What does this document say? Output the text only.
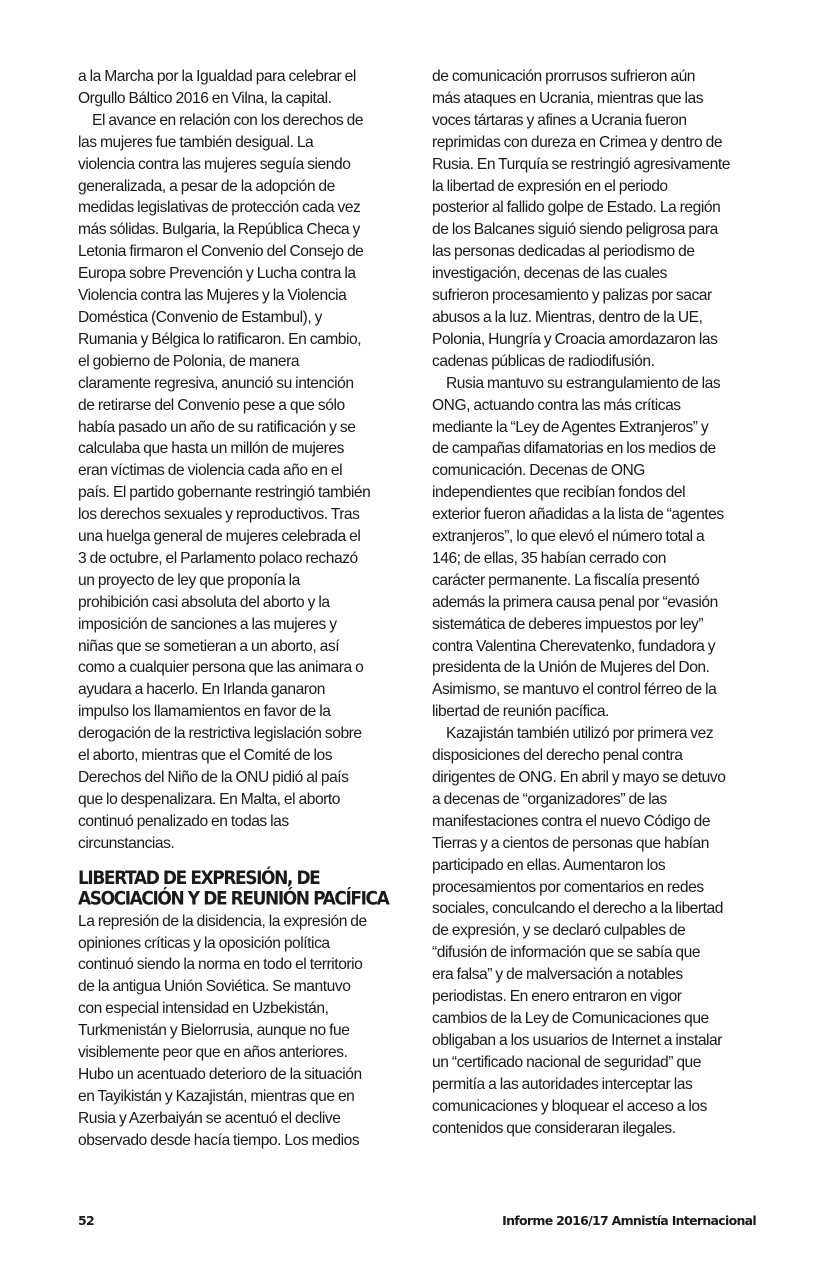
a la Marcha por la Igualdad para celebrar el
Orgullo Báltico 2016 en Vilna, la capital.

El avance en relación con los derechos de
las mujeres fue también desigual. La
violencia contra las mujeres seguía siendo
generalizada, a pesar de la adopción de
medidas legislativas de protección cada vez
más sólidas. Bulgaria, la República Checa y
Letonia firmaron el Convenio del Consejo de
Europa sobre Prevención y Lucha contra la
Violencia contra las Mujeres y la Violencia
Doméstica (Convenio de Estambul), y
Rumania y Bélgica lo ratificaron. En cambio,
el gobierno de Polonia, de manera
claramente regresiva, anunció su intención
de retirarse del Convenio pese a que sólo
había pasado un año de su ratificación y se
calculaba que hasta un millón de mujeres
eran víctimas de violencia cada año en el
país. El partido gobernante restringió también
los derechos sexuales y reproductivos. Tras
una huelga general de mujeres celebrada el
3 de octubre, el Parlamento polaco rechazó
un proyecto de ley que proponía la
prohibición casi absoluta del aborto y la
imposición de sanciones a las mujeres y
niñas que se sometieran a un aborto, así
como a cualquier persona que las animara o
ayudara a hacerlo. En Irlanda ganaron
impulso los llamamientos en favor de la
derogación de la restrictiva legislación sobre
el aborto, mientras que el Comité de los
Derechos del Niño de la ONU pidió al país
que lo despenalizara. En Malta, el aborto
continuó penalizado en todas las
circunstancias.

LIBERTAD DE EXPRESIÓN, DE
ASOCIACIÓN Y DE REUNIÓN PACÍFICA

La represión de la disidencia, la expresión de
opiniones críticas y la oposición política
continuó siendo la norma en todo el territorio
de la antigua Unión Soviética. Se mantuvo
con especial intensidad en Uzbekistán,
Turkmenistán y Bielorrusia, aunque no fue
visiblemente peor que en años anteriores.
Hubo un acentuado deterioro de la situación
en Tayikistán y Kazajistán, mientras que en
Rusia y Azerbaiyán se acentuó el declive
observado desde hacía tiempo. Los medios

de comunicación prorrusos sufrieron aún
más ataques en Ucrania, mientras que las
voces tártaras y afines a Ucrania fueron
reprimidas con dureza en Crimea y dentro de
Rusia. En Turquía se restringió agresivamente
la libertad de expresión en el periodo
posterior al fallido golpe de Estado. La región
de los Balcanes siguió siendo peligrosa para
las personas dedicadas al periodismo de
investigación, decenas de las cuales
sufrieron procesamiento y palizas por sacar
abusos a la luz. Mientras, dentro de la UE,
Polonia, Hungría y Croacia amordazaron las
cadenas públicas de radiodifusión.

Rusia mantuvo su estrangulamiento de las
ONG, actuando contra las más críticas
mediante la “Ley de Agentes Extranjeros” y
de campañas difamatorias en los medios de
comunicación. Decenas de ONG
independientes que recibían fondos del
exterior fueron añadidas a la lista de “agentes
extranjeros”, lo que elevó el número total a
146; de ellas, 35 habían cerrado con
carácter permanente. La fiscalía presentó
además la primera causa penal por “evasión
sistemática de deberes impuestos por ley”
contra Valentina Cherevatenko, fundadora y
presidenta de la Unión de Mujeres del Don.
Asimismo, se mantuvo el control férreo de la
libertad de reunión pacífica.

Kazajistán también utilizó por primera vez
disposiciones del derecho penal contra
dirigentes de ONG. En abril y mayo se detuvo
a decenas de “organizadores” de las
manifestaciones contra el nuevo Código de
Tierras y a cientos de personas que habían
participado en ellas. Aumentaron los
procesamientos por comentarios en redes
sociales, conculcando el derecho a la libertad
de expresión, y se declaró culpables de
“difusión de información que se sabía que
era falsa” y de malversación a notables
periodistas. En enero entraron en vigor
cambios de la Ley de Comunicaciones que
obligaban a los usuarios de Internet a instalar
un “certificado nacional de seguridad” que
permitía a las autoridades interceptar las
comunicaciones y bloquear el acceso a los
contenidos que consideraran ilegales.

52	Informe 2016/17 Amnistía Internacional
